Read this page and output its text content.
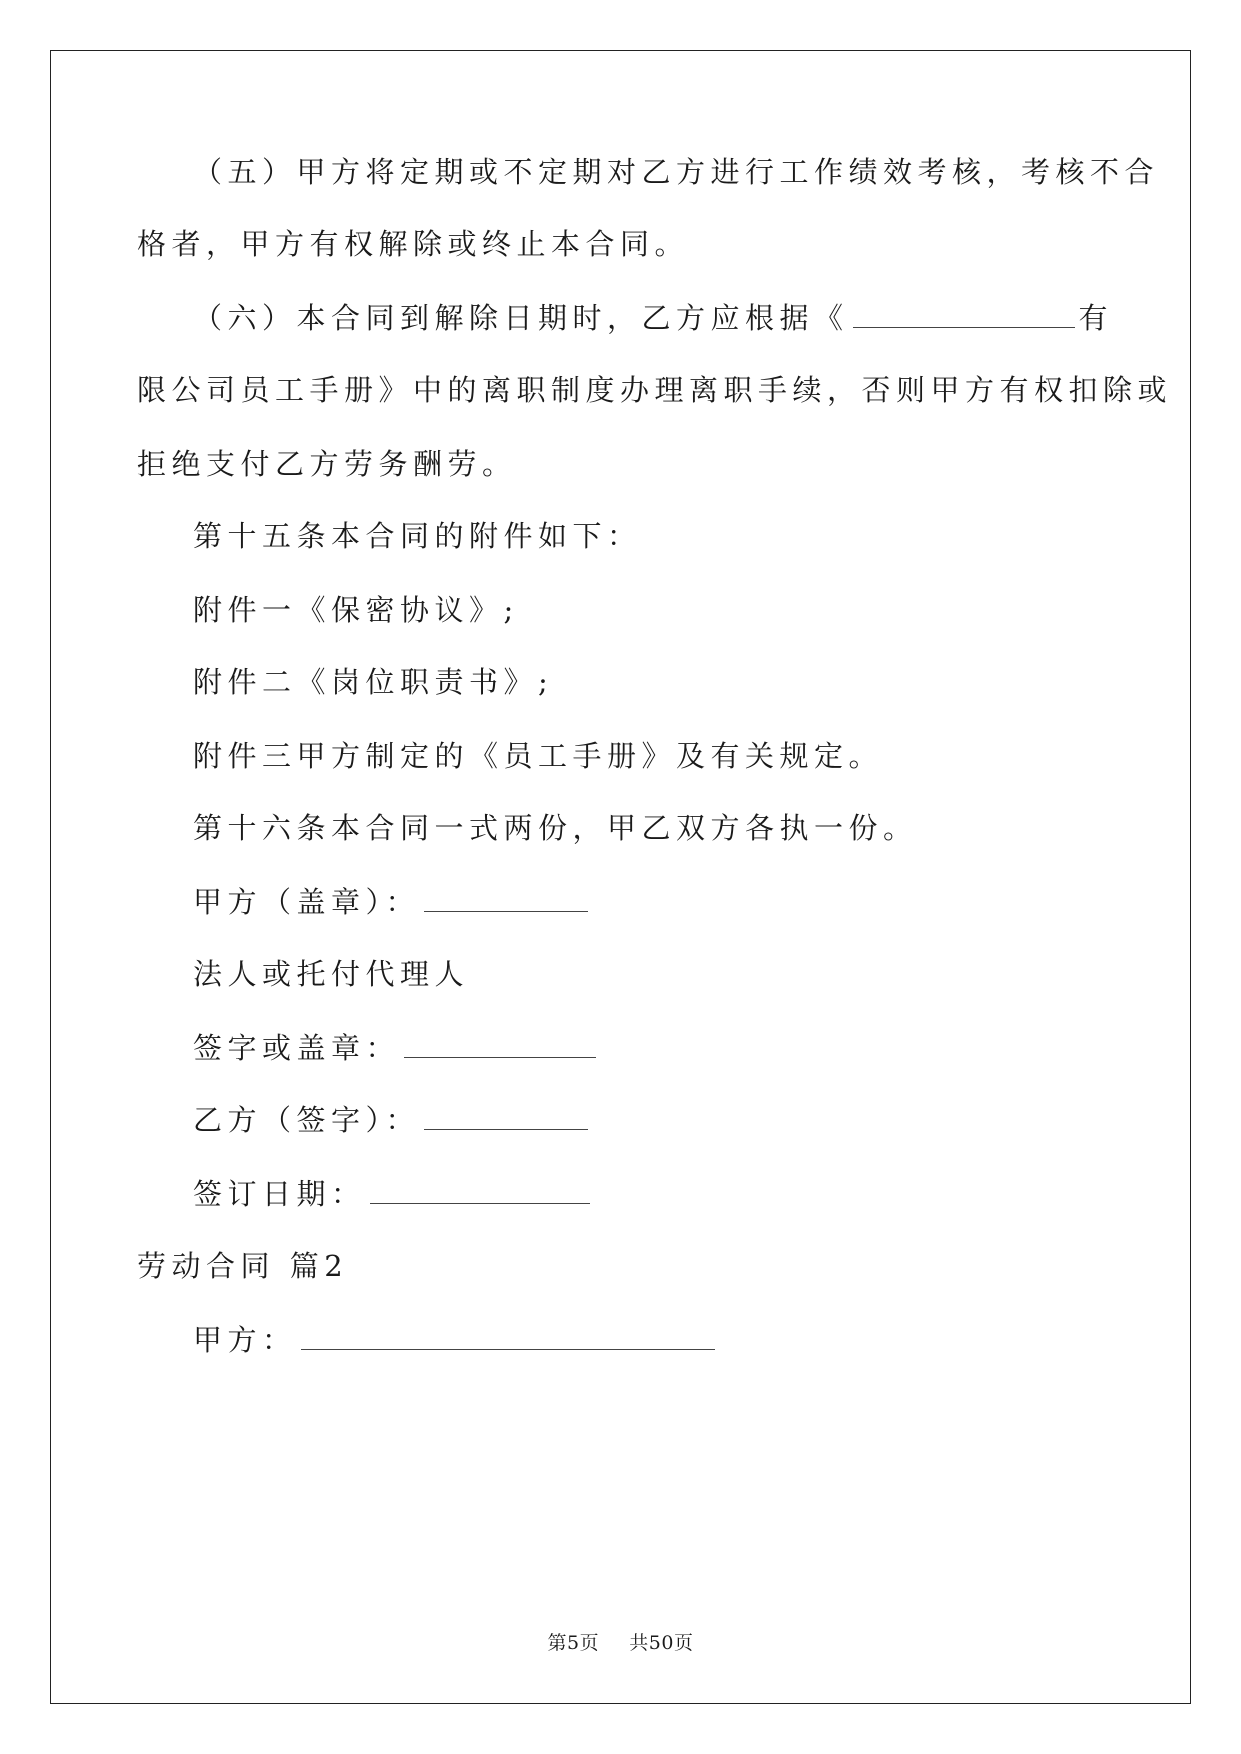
（五）甲方将定期或不定期对乙方进行工作绩效考核，考核不合
格者，甲方有权解除或终止本合同。
（六）本合同到解除日期时，乙方应根据《	有
限公司员工手册》中的离职制度办理离职手续，否则甲方有权扣除或
拒绝支付乙方劳务酬劳。
第十五条本合同的附件如下：
附件一《保密协议》;
附件二《岗位职责书》;
附件三甲方制定的《员工手册》及有关规定。
第十六条本合同一式两份，甲乙双方各执一份。
甲方（盖章）：
法人或托付代理人
签字或盖章：
乙方（签字）：
签订日期：
劳动合同 篇2
甲方：
第5页 共50页
